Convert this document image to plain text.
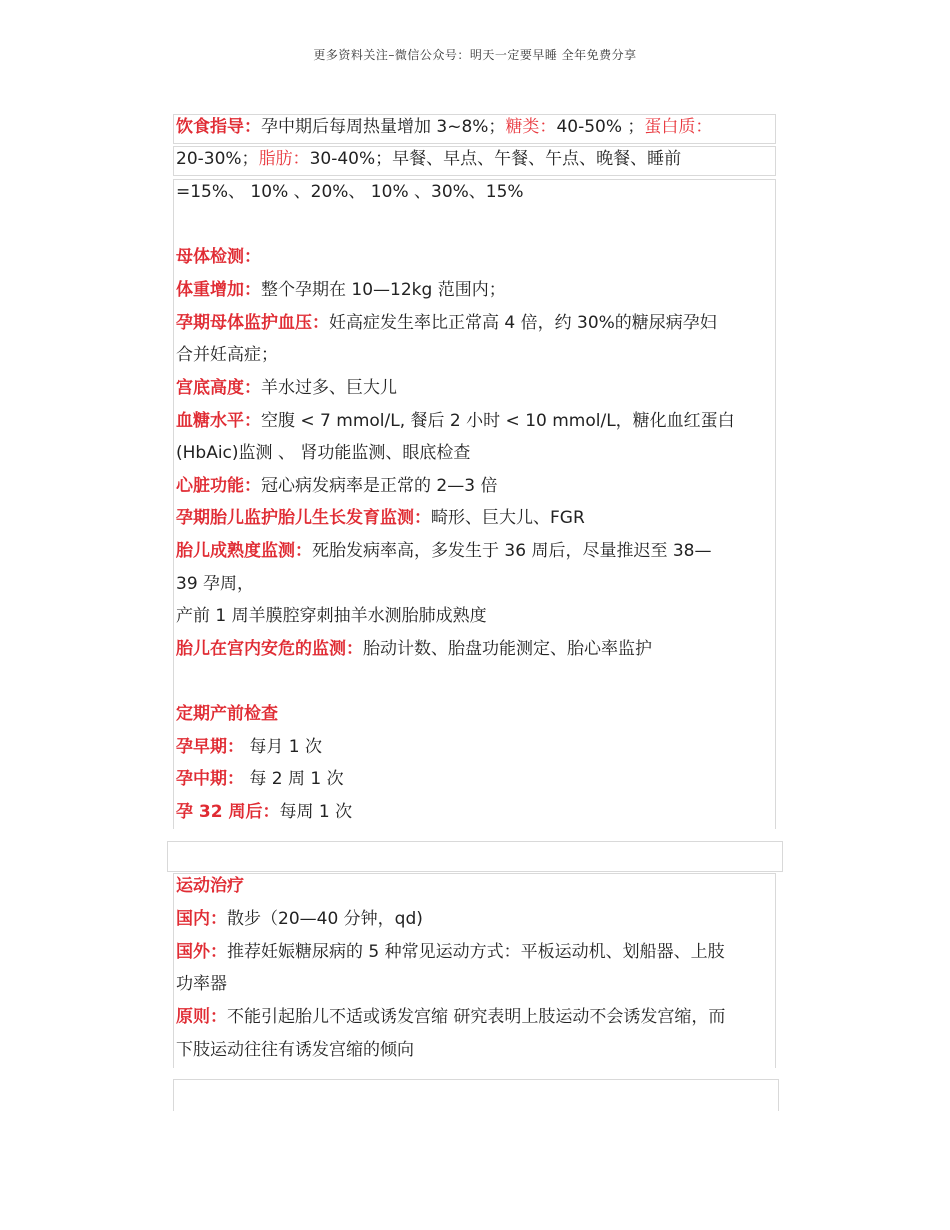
更多资料关注–微信公众号：明天一定要早睡 全年免费分享
饮食指导：孕中期后每周热量增加 3~8%；糖类：40-50% ；蛋白质：
20-30%；脂肪：30-40%；早餐、早点、午餐、午点、晚餐、睡前
=15%、 10% 、20%、 10% 、30%、15%
母体检测：
体重增加：整个孕期在 10—12kg 范围内；
孕期母体监护血压：妊高症发生率比正常高 4 倍，约 30%的糖尿病孕妇
合并妊高症；
宫底高度：羊水过多、巨大儿
血糖水平：空腹 < 7 mmol/L, 餐后 2 小时 < 10 mmol/L，糖化血红蛋白
(HbAic)监测 、 肾功能监测、眼底检查
心脏功能：冠心病发病率是正常的 2—3 倍
孕期胎儿监护胎儿生长发育监测：畸形、巨大儿、FGR
胎儿成熟度监测：死胎发病率高，多发生于 36 周后，尽量推迟至 38—
39 孕周，
产前 1 周羊膜腔穿刺抽羊水测胎肺成熟度
胎儿在宫内安危的监测：胎动计数、胎盘功能测定、胎心率监护
定期产前检查
孕早期： 每月 1 次
孕中期： 每 2 周 1 次
孕 32 周后：每周 1 次
运动治疗
国内：散步（20—40 分钟，qd)
国外：推荐妊娠糖尿病的 5 种常见运动方式：平板运动机、划船器、上肢
功率器
原则：不能引起胎儿不适或诱发宫缩 研究表明上肢运动不会诱发宫缩，而
下肢运动往往有诱发宫缩的倾向
